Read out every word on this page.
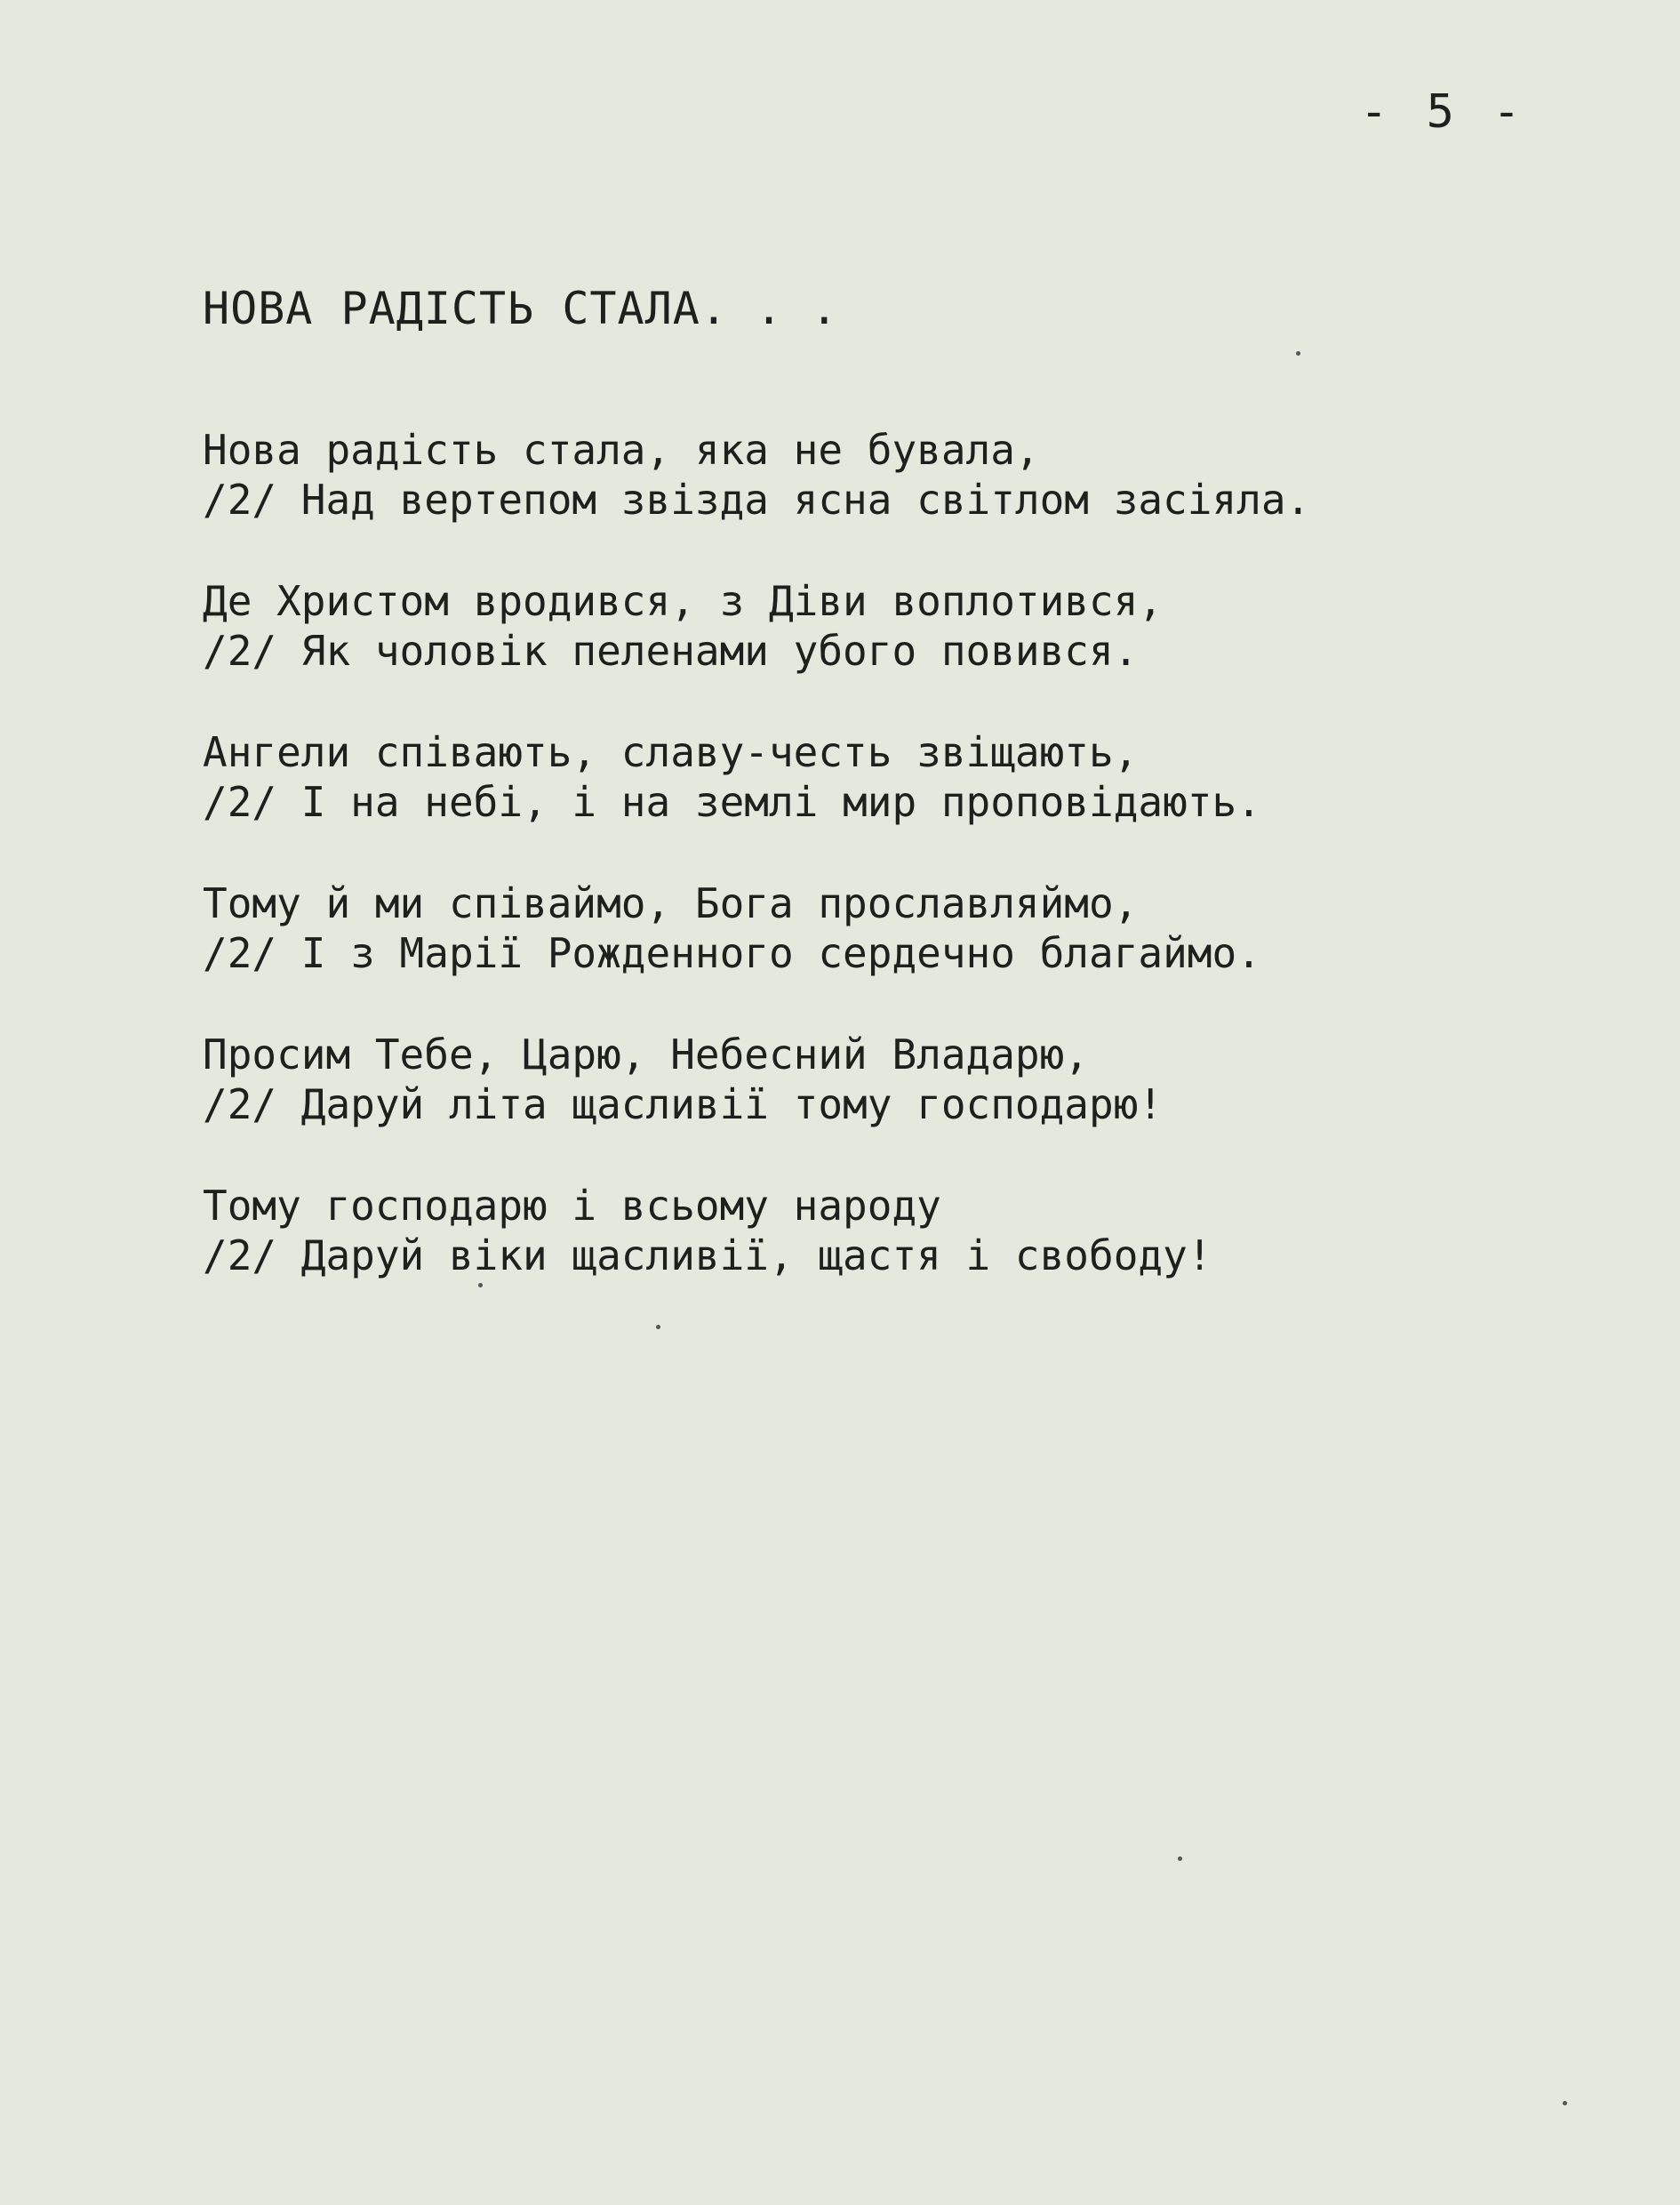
- 5 -
НОВА РАДІСТЬ СТАЛА. . .
Нова радість стала, яка не бувала,
/2/ Над вертепом звізда ясна світлом засіяла.
Де Христом вродився, з Діви воплотився,
/2/ Як чоловік пеленами убого повився.
Ангели співають, славу-честь звіщають,
/2/ І на небі, і на землі мир проповідають.
Тому й ми співаймо, Бога прославляймо,
/2/ І з Марії Рожденного сердечно благаймо.
Просим Тебе, Царю, Небесний Владарю,
/2/ Даруй літа щасливії тому господарю!
Тому господарю і всьому народу
/2/ Даруй віки щасливії, щастя і свободу!
